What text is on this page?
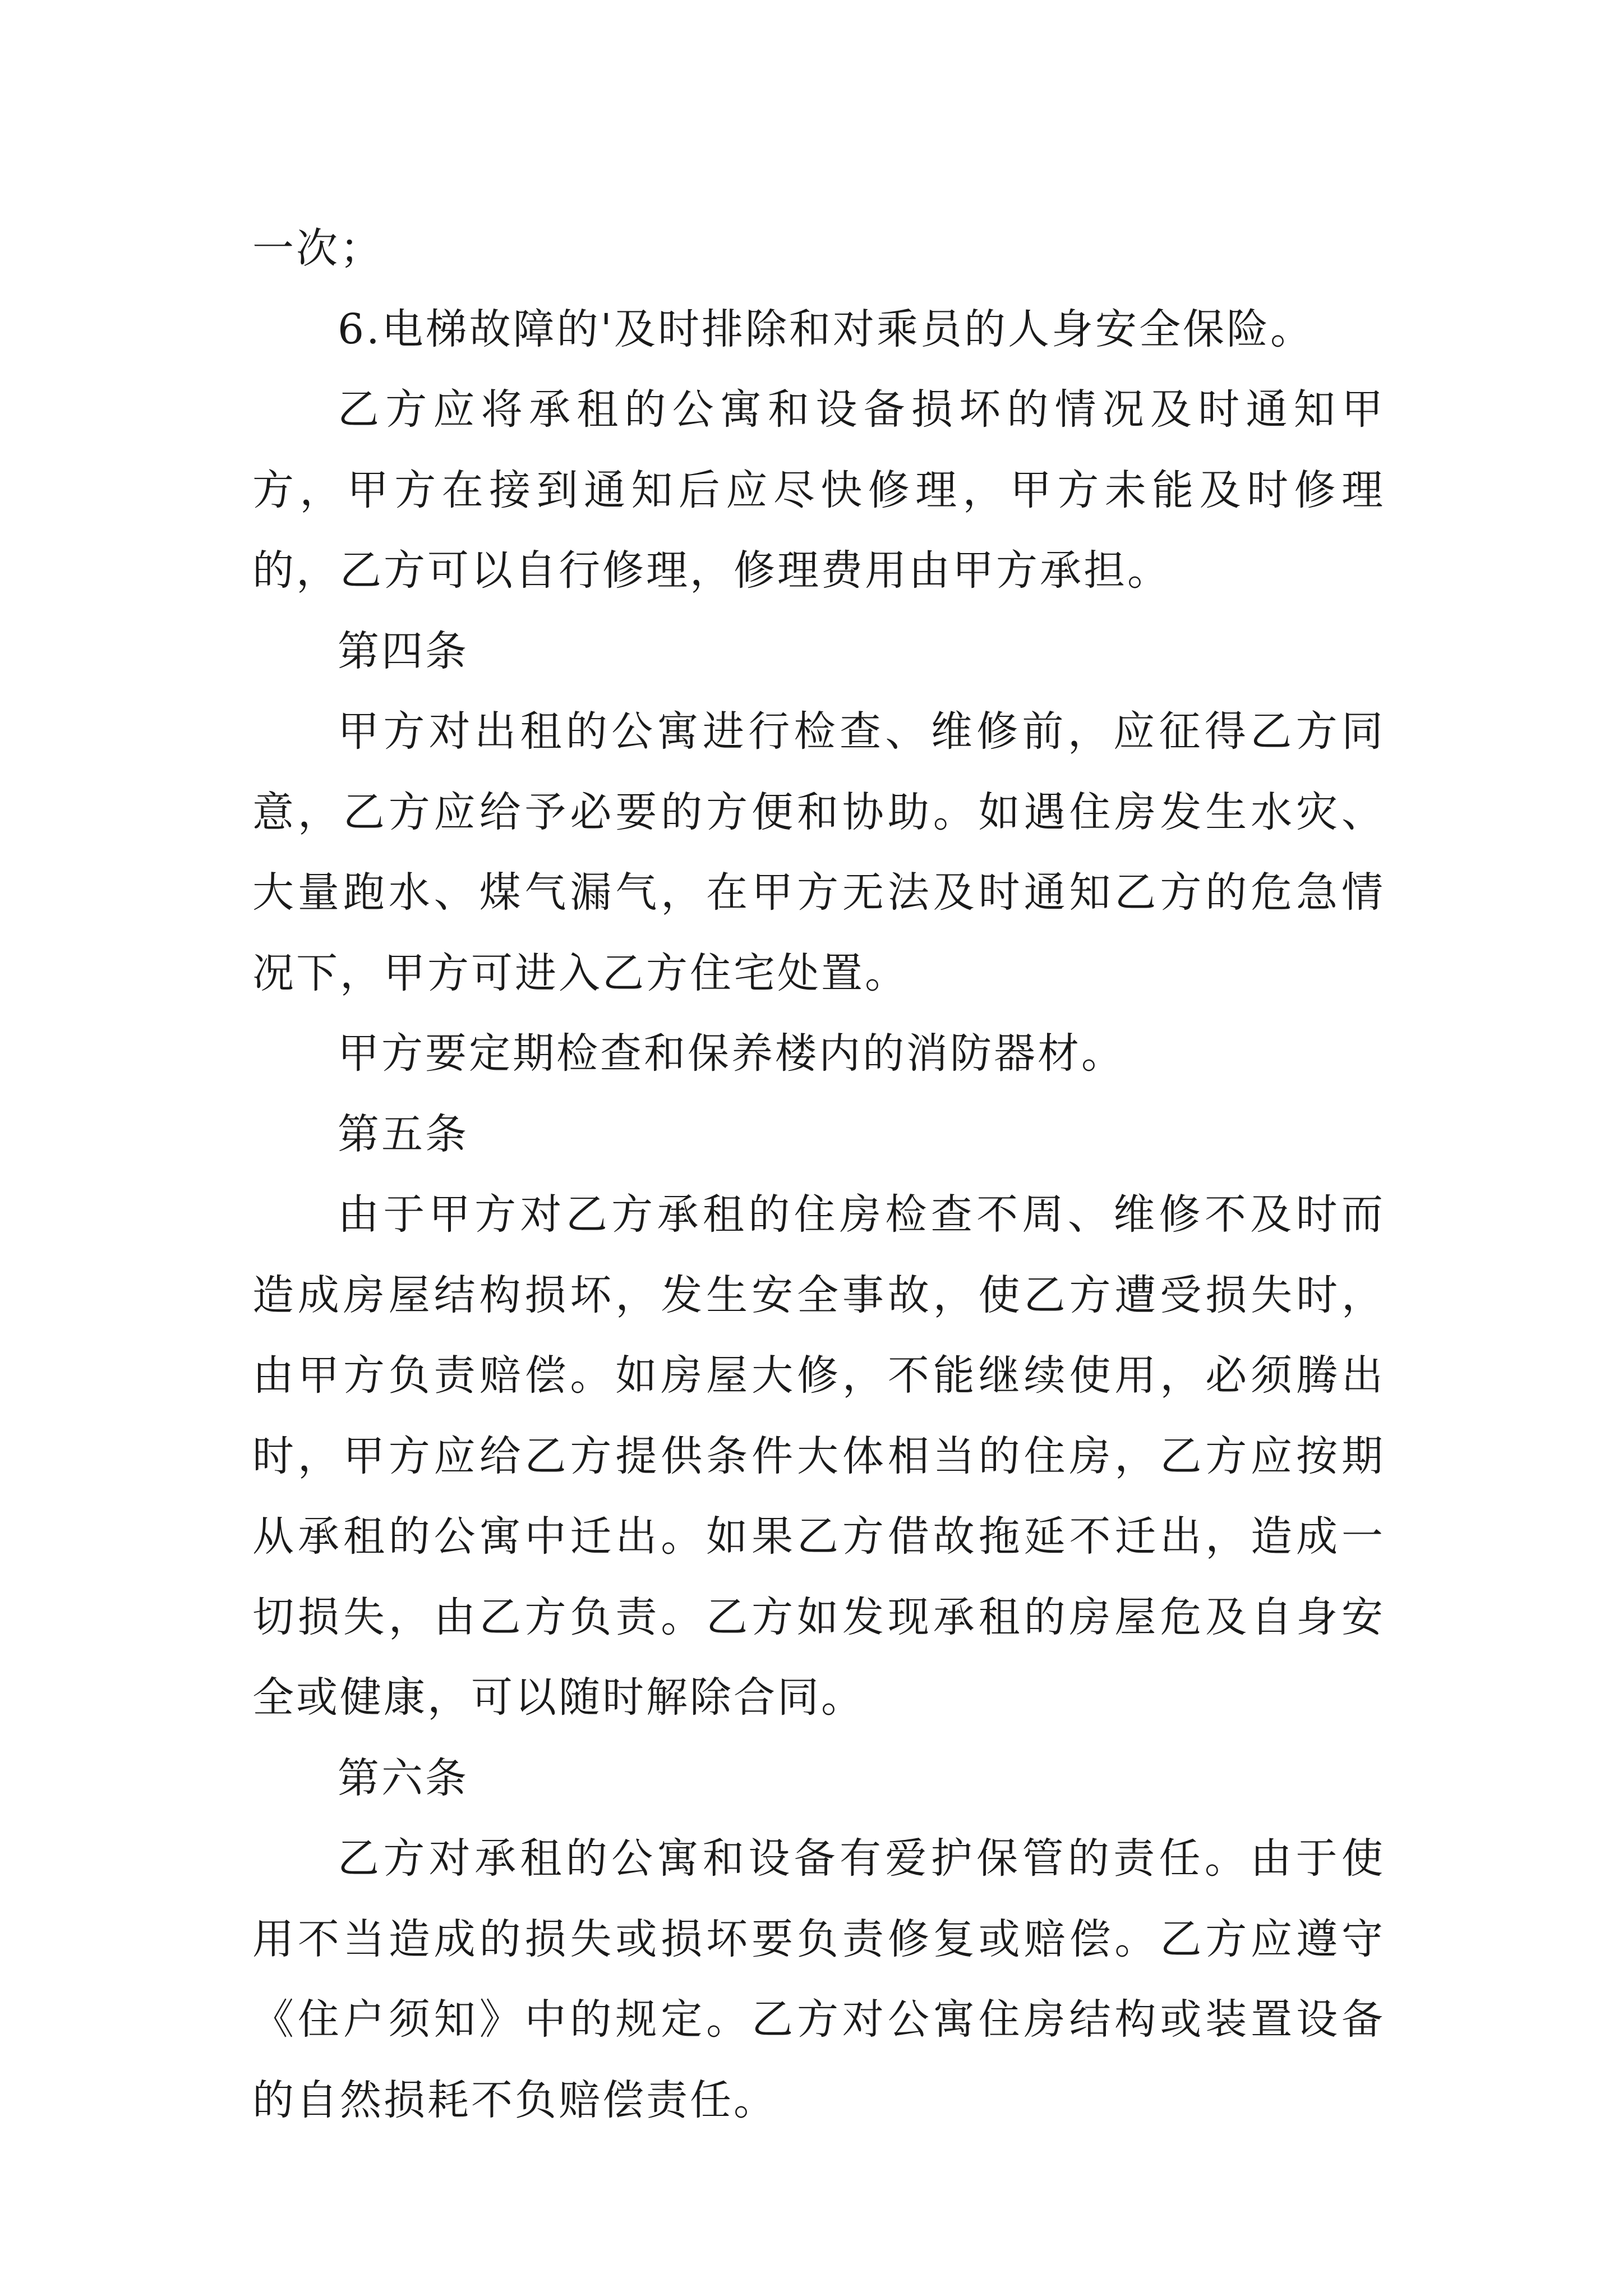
一次；

6.电梯故障的'及时排除和对乘员的人身安全保险。

乙方应将承租的公寓和设备损坏的情况及时通知甲方，甲方在接到通知后应尽快修理，甲方未能及时修理的，乙方可以自行修理，修理费用由甲方承担。

第四条

甲方对出租的公寓进行检查、维修前，应征得乙方同意，乙方应给予必要的方便和协助。如遇住房发生水灾、大量跑水、煤气漏气，在甲方无法及时通知乙方的危急情况下，甲方可进入乙方住宅处置。

甲方要定期检查和保养楼内的消防器材。

第五条

由于甲方对乙方承租的住房检查不周、维修不及时而造成房屋结构损坏，发生安全事故，使乙方遭受损失时，由甲方负责赔偿。如房屋大修，不能继续使用，必须腾出时，甲方应给乙方提供条件大体相当的住房，乙方应按期从承租的公寓中迁出。如果乙方借故拖延不迁出，造成一切损失，由乙方负责。乙方如发现承租的房屋危及自身安全或健康，可以随时解除合同。

第六条

乙方对承租的公寓和设备有爱护保管的责任。由于使用不当造成的损失或损坏要负责修复或赔偿。乙方应遵守《住户须知》中的规定。乙方对公寓住房结构或装置设备的自然损耗不负赔偿责任。
